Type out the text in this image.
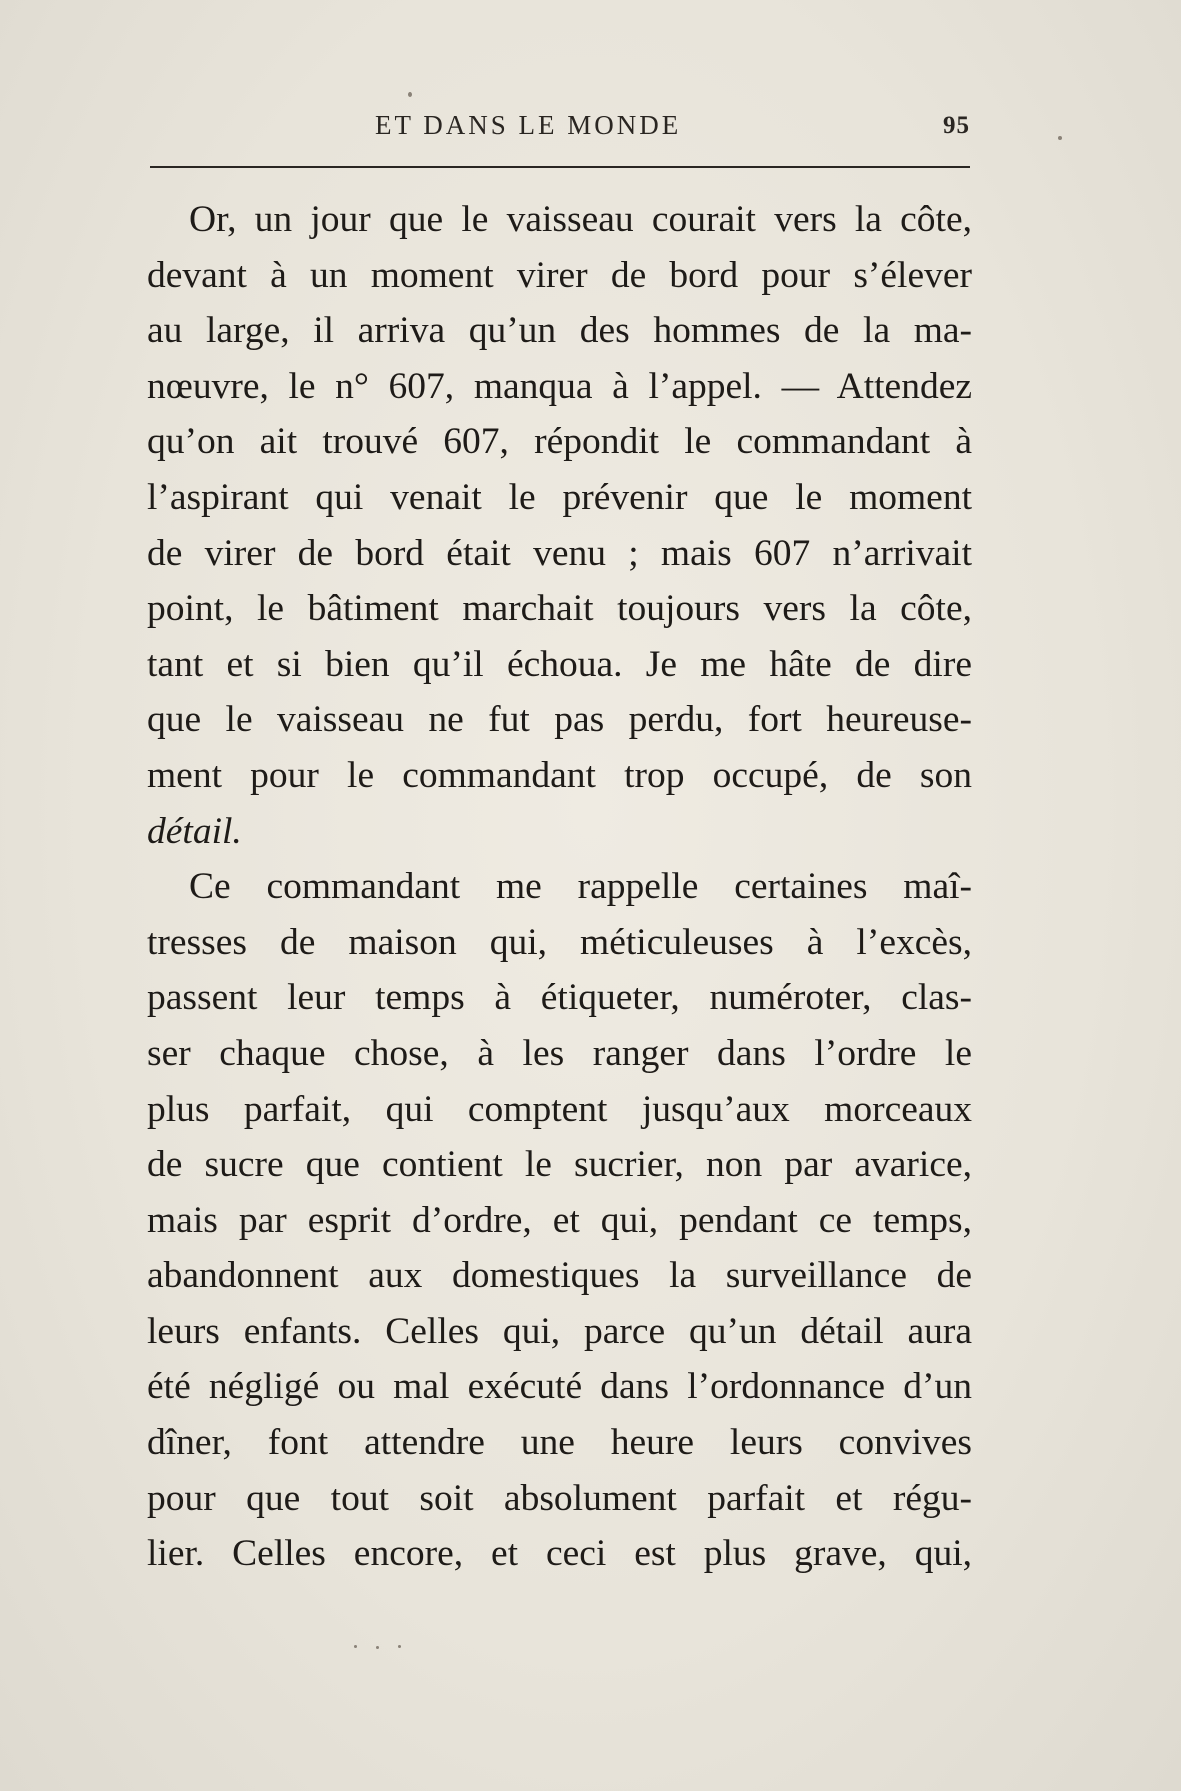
ET DANS LE MONDE	95
Or, un jour que le vaisseau courait vers la côte,
devant à un moment virer de bord pour s’élever
au large, il arriva qu’un des hommes de la ma-
nœuvre, le n° 607, manqua à l’appel. — Attendez
qu’on ait trouvé 607, répondit le commandant à
l’aspirant qui venait le prévenir que le moment
de virer de bord était venu ; mais 607 n’arrivait
point, le bâtiment marchait toujours vers la côte,
tant et si bien qu’il échoua. Je me hâte de dire
que le vaisseau ne fut pas perdu, fort heureuse-
ment pour le commandant trop occupé, de son
détail.
Ce commandant me rappelle certaines maî-
tresses de maison qui, méticuleuses à l’excès,
passent leur temps à étiqueter, numéroter, clas-
ser chaque chose, à les ranger dans l’ordre le
plus parfait, qui comptent jusqu’aux morceaux
de sucre que contient le sucrier, non par avarice,
mais par esprit d’ordre, et qui, pendant ce temps,
abandonnent aux domestiques la surveillance de
leurs enfants. Celles qui, parce qu’un détail aura
été négligé ou mal exécuté dans l’ordonnance d’un
dîner, font attendre une heure leurs convives
pour que tout soit absolument parfait et régu-
lier. Celles encore, et ceci est plus grave, qui,
